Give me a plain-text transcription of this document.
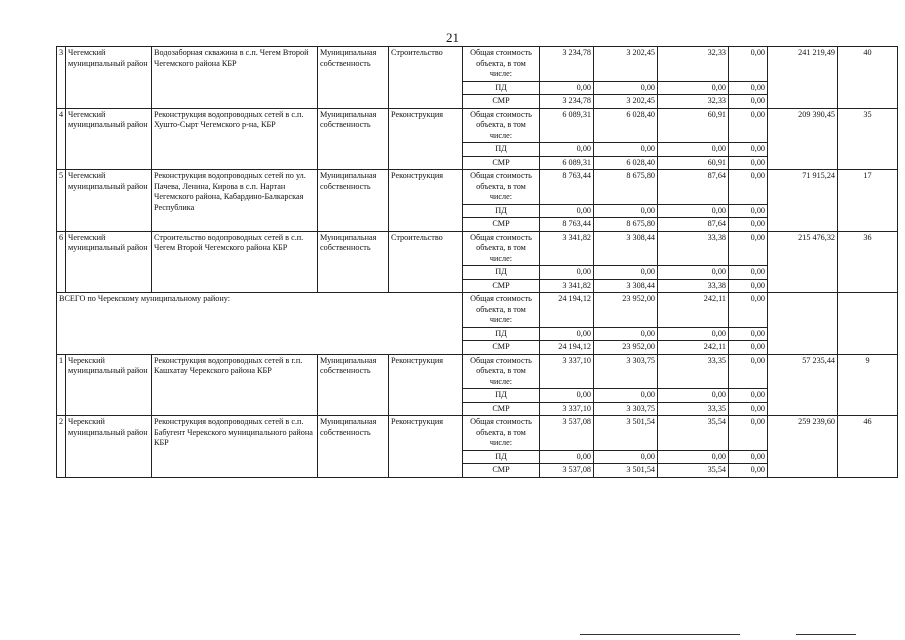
21
3	Чегемский муниципальный район	Водозаборная скважина в с.п. Чегем Второй Чегемского района КБР	Муниципальная собственность	Строительство	Общая стоимость объекта, в том числе:	3 234,78	3 202,45	32,33	0,00	241 219,49	40
					ПД	0,00	0,00	0,00	0,00		
					СМР	3 234,78	3 202,45	32,33	0,00		
4	Чегемский муниципальный район	Реконструкция водопроводных сетей в с.п. Хушто-Сырт Чегемского р-на, КБР	Муниципальная собственность	Реконструкция	Общая стоимость объекта, в том числе:	6 089,31	6 028,40	60,91	0,00	209 390,45	35
					ПД	0,00	0,00	0,00	0,00		
					СМР	6 089,31	6 028,40	60,91	0,00		
5	Чегемский муниципальный район	Реконструкция водопроводных сетей по ул. Пачева, Ленина, Кирова в с.п. Нартан Чегемского района, Кабардино-Балкарская Республика	Муниципальная собственность	Реконструкция	Общая стоимость объекта, в том числе:	8 763,44	8 675,80	87,64	0,00	71 915,24	17
					ПД	0,00	0,00	0,00	0,00		
					СМР	8 763,44	8 675,80	87,64	0,00		
6	Чегемский муниципальный район	Строительство водопроводных сетей в с.п. Чегем Второй Чегемского района КБР	Муниципальная собственность	Строительство	Общая стоимость объекта, в том числе:	3 341,82	3 308,44	33,38	0,00	215 476,32	36
					ПД	0,00	0,00	0,00	0,00		
					СМР	3 341,82	3 308,44	33,38	0,00		
ВСЕГО по Черекскому муниципальному району:					Общая стоимость объекта, в том числе:	24 194,12	23 952,00	242,11	0,00		
					ПД	0,00	0,00	0,00	0,00		
					СМР	24 194,12	23 952,00	242,11	0,00		
1	Черекский муниципальный район	Реконструкция водопроводных сетей в г.п. Кашхатау Черекского района КБР	Муниципальная собственность	Реконструкция	Общая стоимость объекта, в том числе:	3 337,10	3 303,75	33,35	0,00	57 235,44	9
					ПД	0,00	0,00	0,00	0,00		
					СМР	3 337,10	3 303,75	33,35	0,00		
2	Черекский муниципальный район	Реконструкция водопроводных сетей в с.п. Бабугент Черекского муниципального района КБР	Муниципальная собственность	Реконструкция	Общая стоимость объекта, в том числе:	3 537,08	3 501,54	35,54	0,00	259 239,60	46
					ПД	0,00	0,00	0,00	0,00		
					СМР	3 537,08	3 501,54	35,54	0,00		
